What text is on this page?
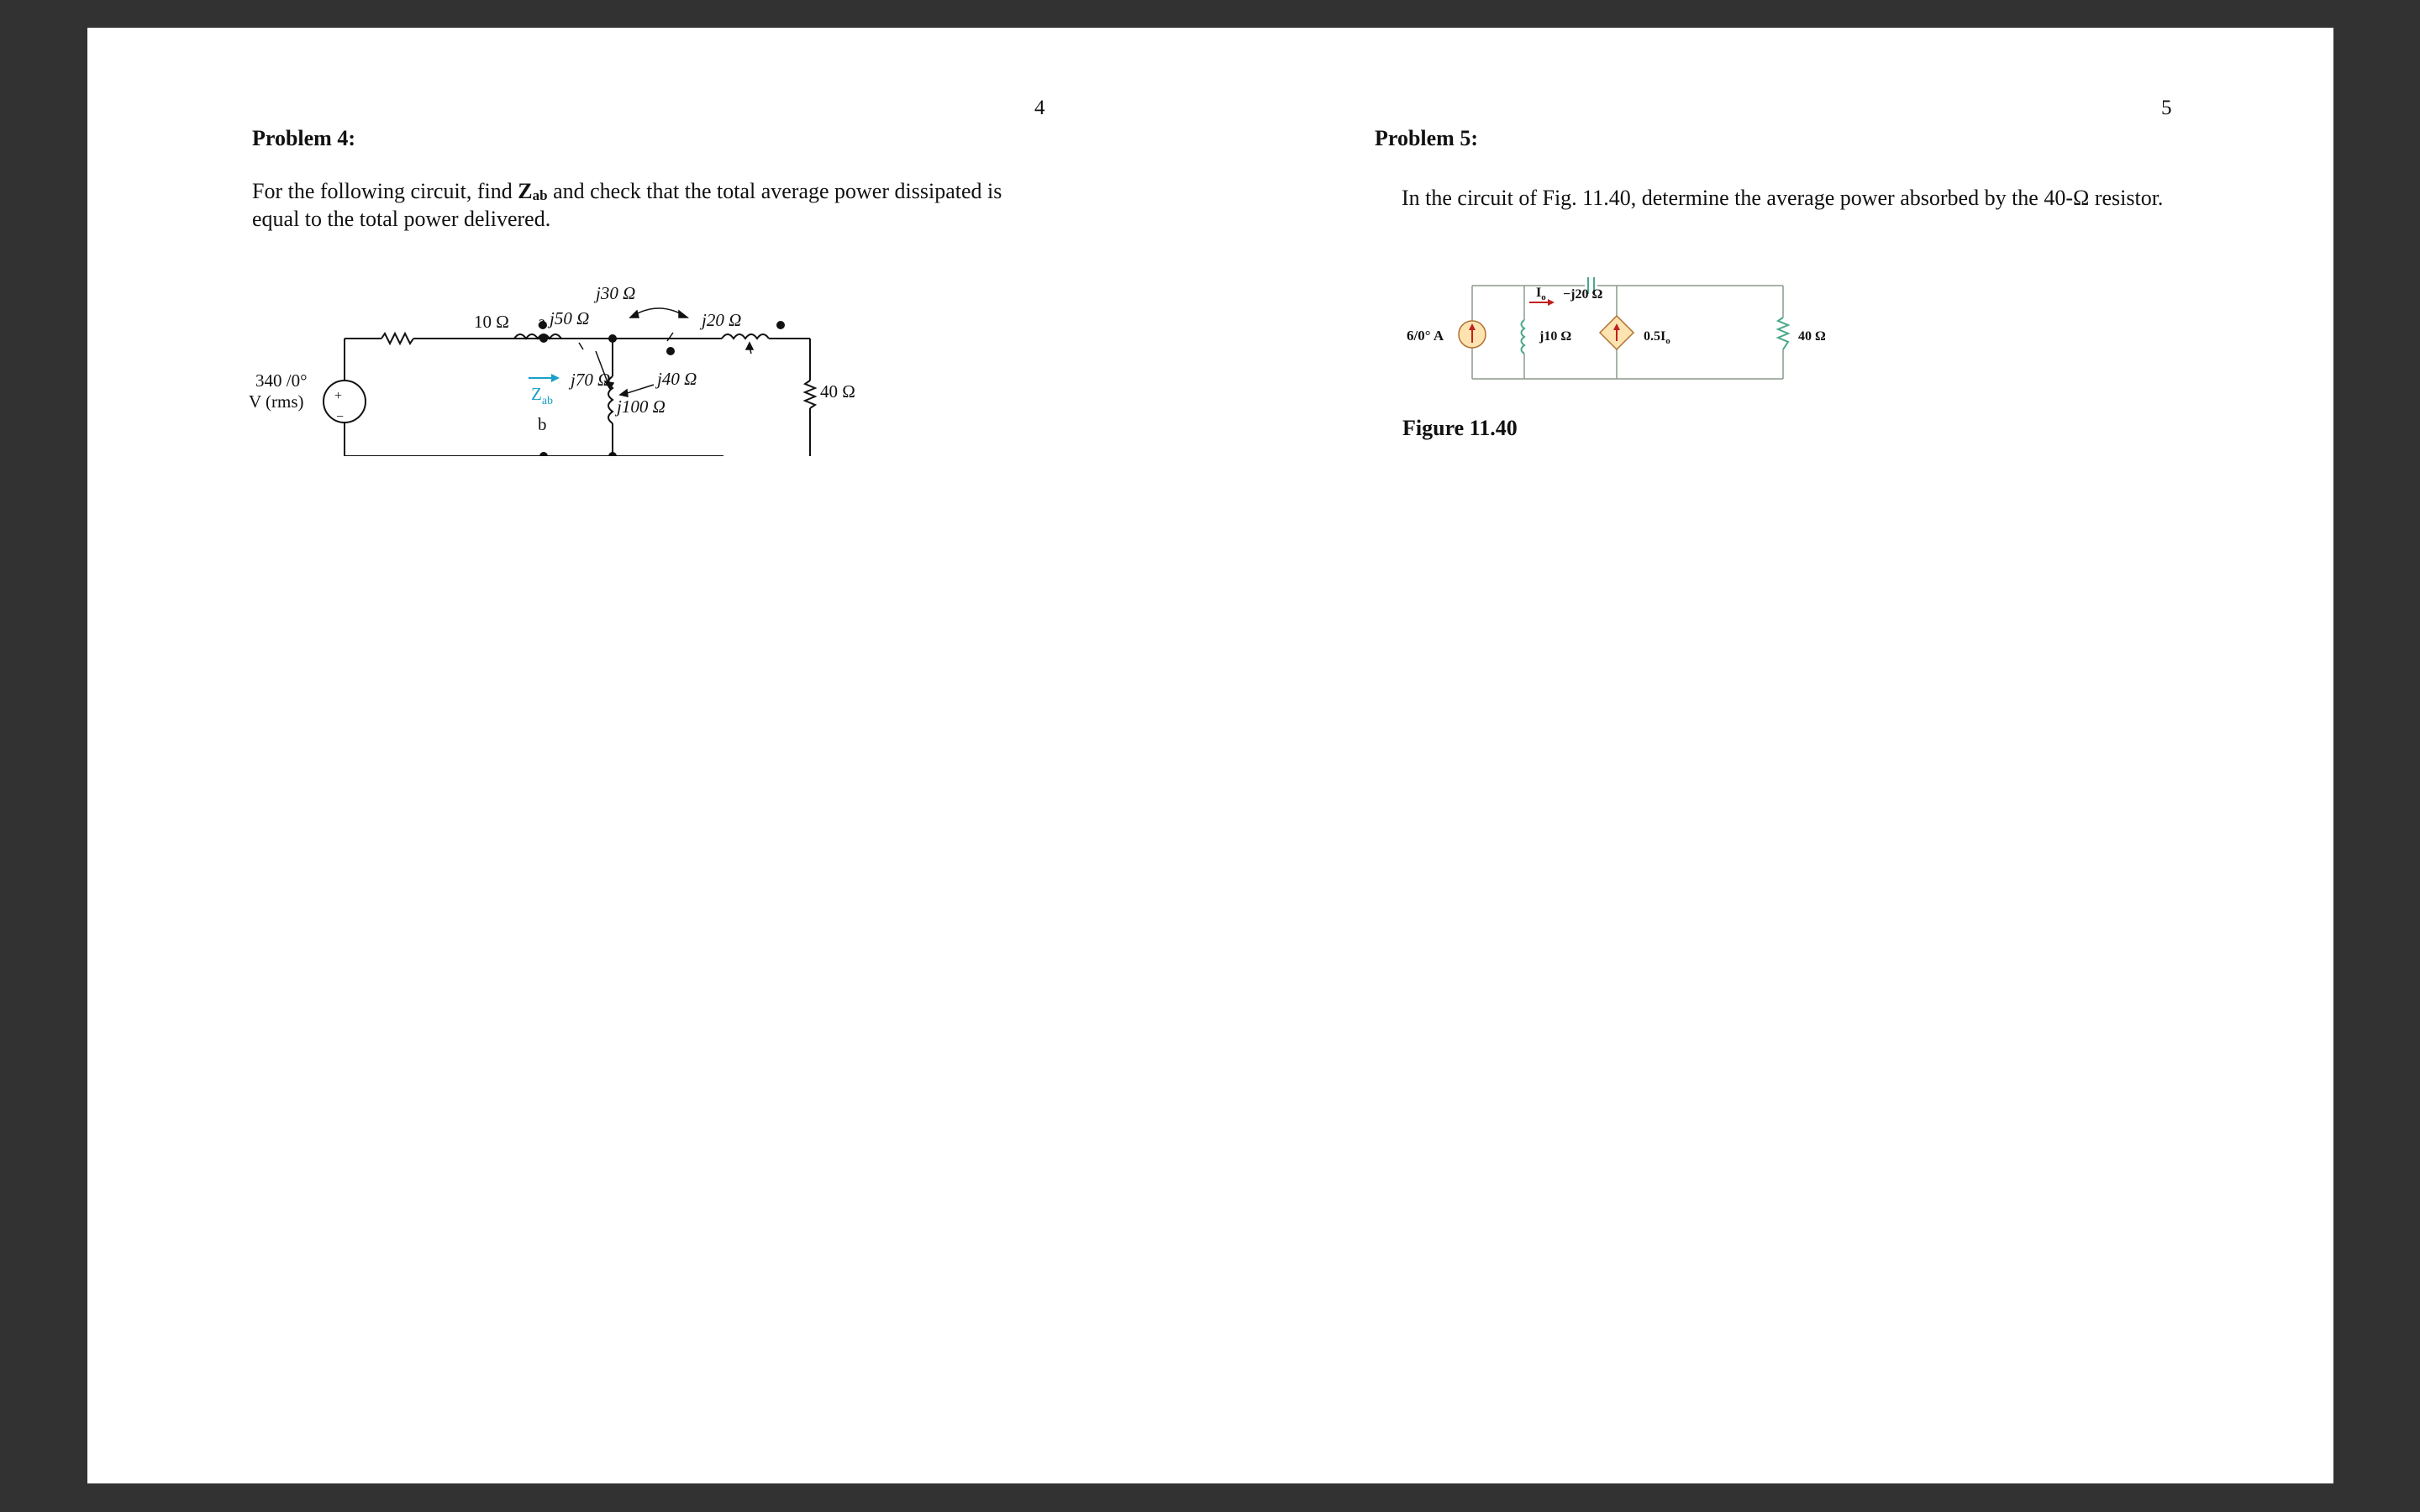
4
Problem 4:
For the following circuit, find $Z_{ab}$ and check that the total average power dissipated is equal to the total power delivered.
+
−
340 /0°
V (rms)
10 Ω a
b
$Z_{ab}$
j30 Ω
j70 Ω
j20 Ω
j50 Ω
j40 Ω
j100 Ω
40 Ω
5
Problem 5:
In the circuit of Fig. 11.40, determine the average power absorbed by the 40-Ω resistor.
$I_o -j20$ Ω
6/0° A	j10 Ω	$0.5I_o$	40 Ω
Figure 11.40
